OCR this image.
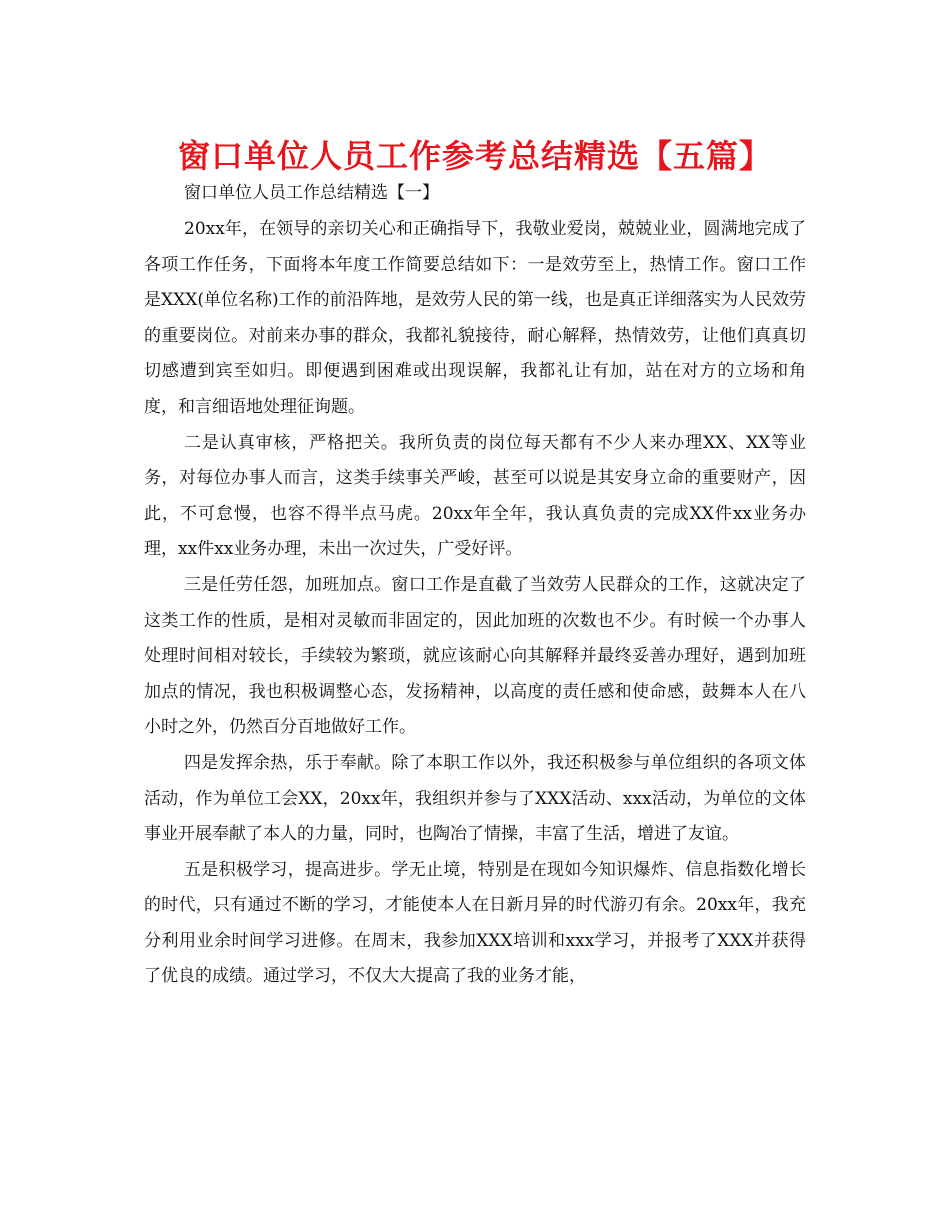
窗口单位人员工作参考总结精选【五篇】

窗口单位人员工作总结精选【一】

20xx年，在领导的亲切关心和正确指导下，我敬业爱岗，兢兢业业，圆满地完成了各项工作任务，下面将本年度工作简要总结如下：一是效劳至上，热情工作。窗口工作是XXX(单位名称)工作的前沿阵地，是效劳人民的第一线，也是真正详细落实为人民效劳的重要岗位。对前来办事的群众，我都礼貌接待，耐心解释，热情效劳，让他们真真切切感遭到宾至如归。即便遇到困难或出现误解，我都礼让有加，站在对方的立场和角度，和言细语地处理征询题。

二是认真审核，严格把关。我所负责的岗位每天都有不少人来办理XX、XX等业务，对每位办事人而言，这类手续事关严峻，甚至可以说是其安身立命的重要财产，因此，不可怠慢，也容不得半点马虎。20xx年全年，我认真负责的完成XX件xx业务办理，xx件xx业务办理，未出一次过失，广受好评。

三是任劳任怨，加班加点。窗口工作是直截了当效劳人民群众的工作，这就决定了这类工作的性质，是相对灵敏而非固定的，因此加班的次数也不少。有时候一个办事人处理时间相对较长，手续较为繁琐，就应该耐心向其解释并最终妥善办理好，遇到加班加点的情况，我也积极调整心态，发扬精神，以高度的责任感和使命感，鼓舞本人在八小时之外，仍然百分百地做好工作。

四是发挥余热，乐于奉献。除了本职工作以外，我还积极参与单位组织的各项文体活动，作为单位工会XX，20xx年，我组织并参与了XXX活动、xxx活动，为单位的文体事业开展奉献了本人的力量，同时，也陶冶了情操，丰富了生活，增进了友谊。

五是积极学习，提高进步。学无止境，特别是在现如今知识爆炸、信息指数化增长的时代，只有通过不断的学习，才能使本人在日新月异的时代游刃有余。20xx年，我充分利用业余时间学习进修。在周末，我参加XXX培训和xxx学习，并报考了XXX并获得了优良的成绩。通过学习，不仅大大提高了我的业务才能，
